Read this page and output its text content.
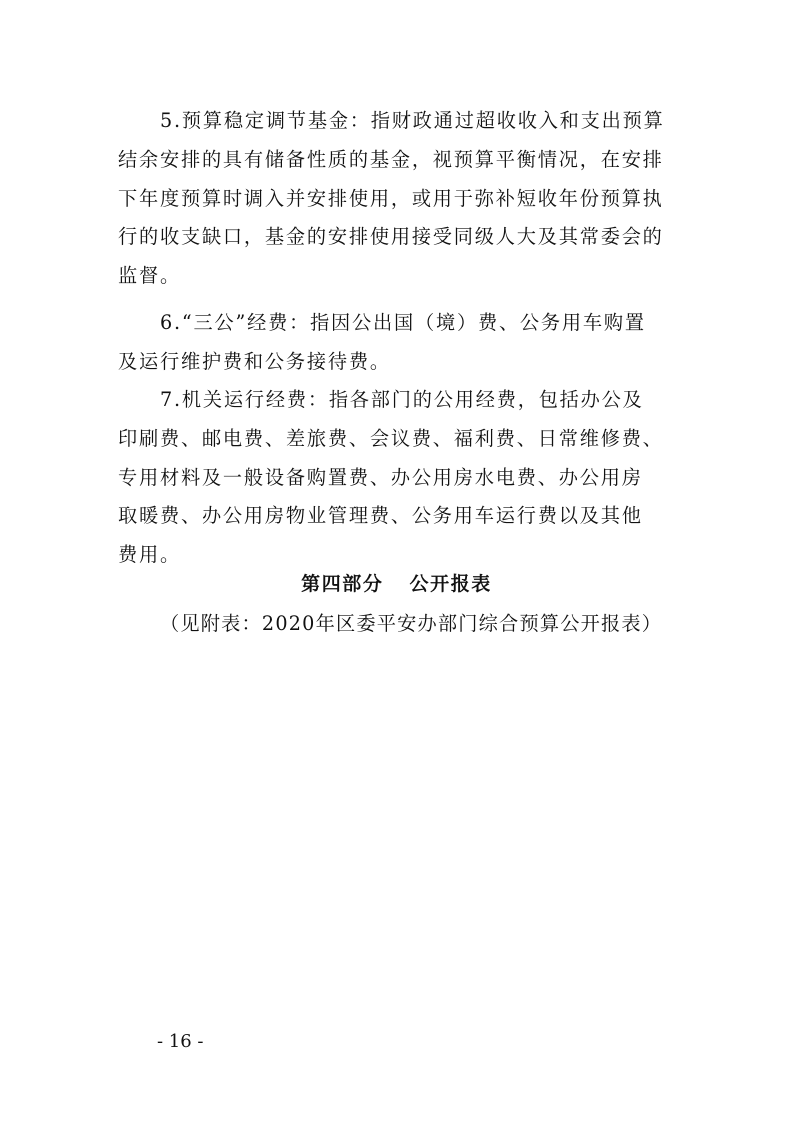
5.预算稳定调节基金：指财政通过超收收入和支出预算
结余安排的具有储备性质的基金，视预算平衡情况，在安排
下年度预算时调入并安排使用，或用于弥补短收年份预算执
行的收支缺口，基金的安排使用接受同级人大及其常委会的
监督。
6.“三公”经费：指因公出国（境）费、公务用车购置
及运行维护费和公务接待费。
7.机关运行经费：指各部门的公用经费，包括办公及
印刷费、邮电费、差旅费、会议费、福利费、日常维修费、
专用材料及一般设备购置费、办公用房水电费、办公用房
取暖费、办公用房物业管理费、公务用车运行费以及其他
费用。
第四部分 公开报表
（见附表：2020年区委平安办部门综合预算公开报表）
- 16 -
